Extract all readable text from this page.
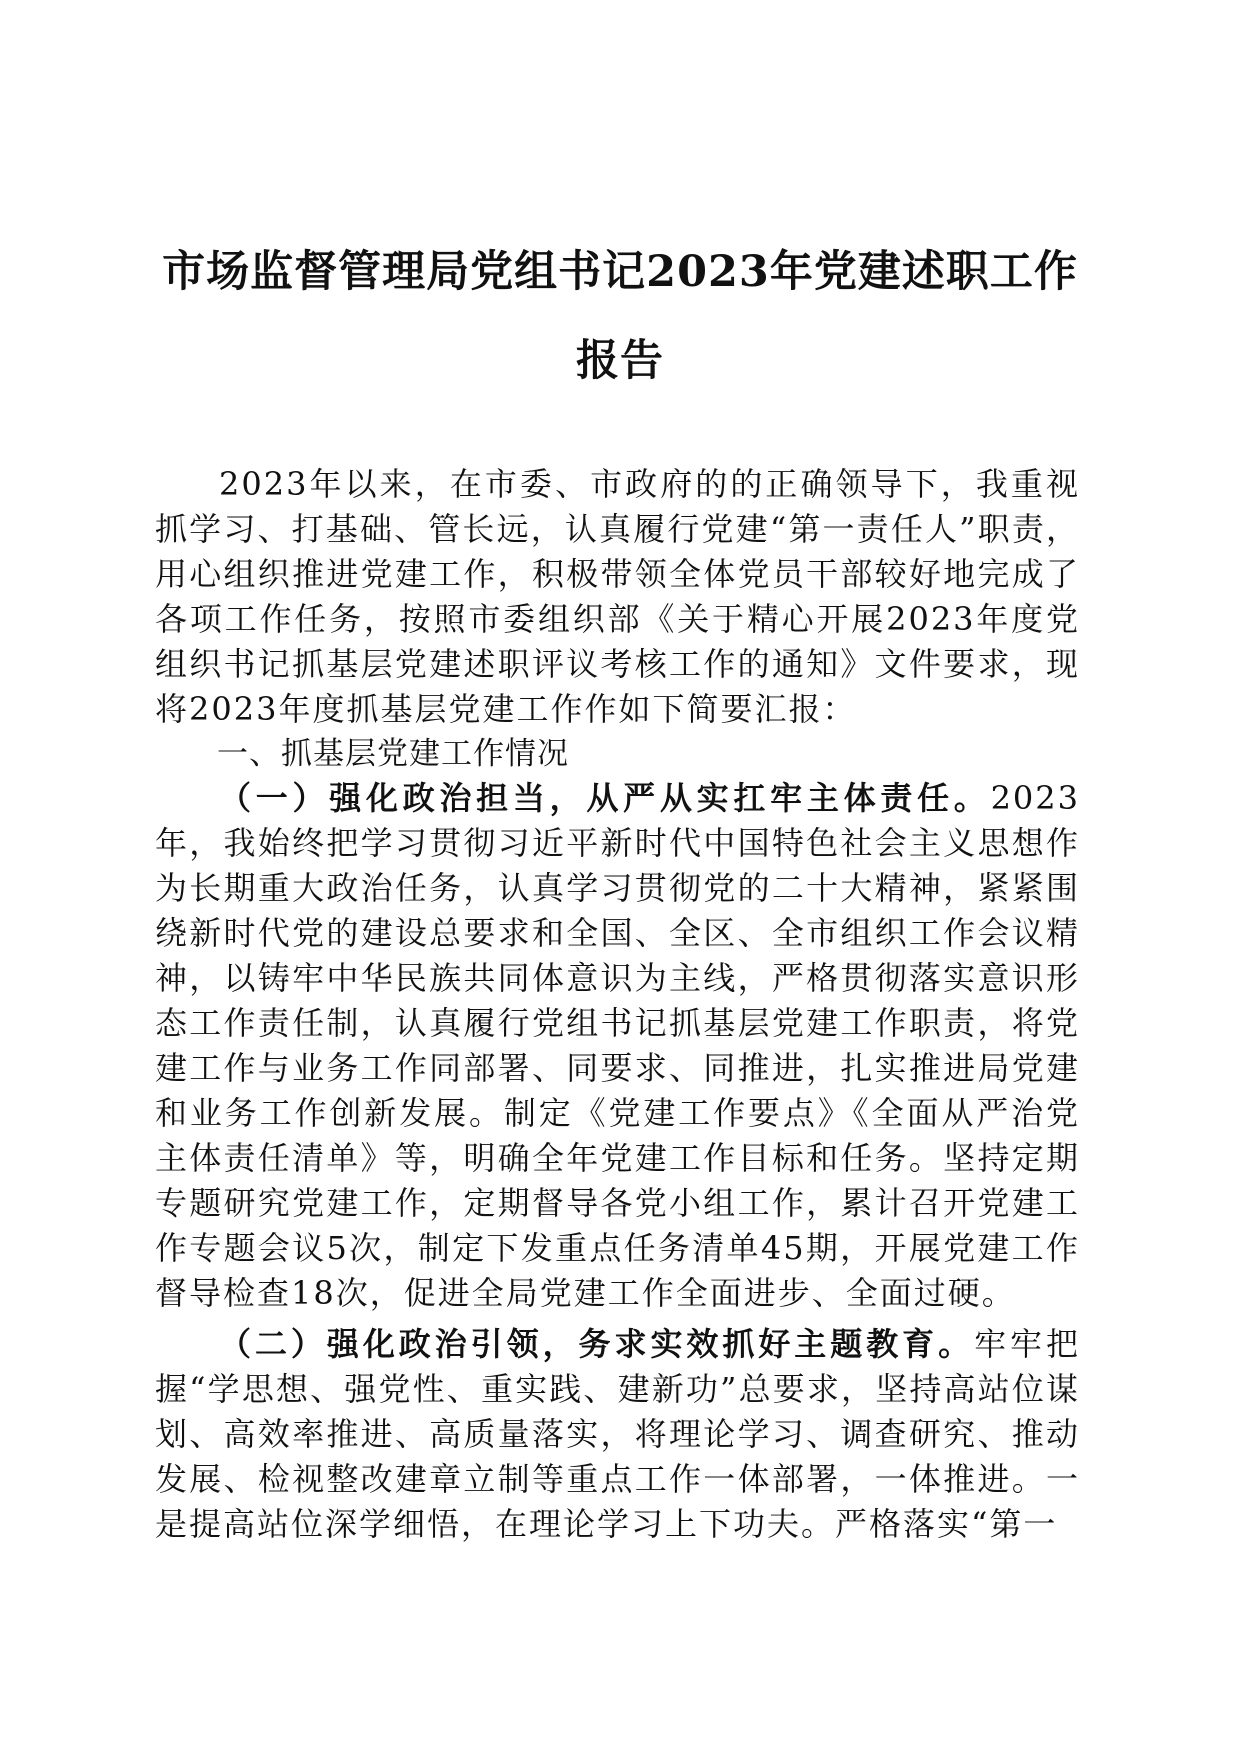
市场监督管理局党组书记2023年党建述职工作报告

2023年以来，在市委、市政府的的正确领导下，我重视抓学习、打基础、管长远，认真履行党建“第一责任人”职责，用心组织推进党建工作，积极带领全体党员干部较好地完成了各项工作任务，按照市委组织部《关于精心开展2023年度党组织书记抓基层党建述职评议考核工作的通知》文件要求，现将2023年度抓基层党建工作作如下简要汇报：

一、抓基层党建工作情况

（一）强化政治担当，从严从实扛牢主体责任。2023年，我始终把学习贯彻习近平新时代中国特色社会主义思想作为长期重大政治任务，认真学习贯彻党的二十大精神，紧紧围绕新时代党的建设总要求和全国、全区、全市组织工作会议精神，以铸牢中华民族共同体意识为主线，严格贯彻落实意识形态工作责任制，认真履行党组书记抓基层党建工作职责，将党建工作与业务工作同部署、同要求、同推进，扎实推进局党建和业务工作创新发展。制定《党建工作要点》《全面从严治党主体责任清单》等，明确全年党建工作目标和任务。坚持定期专题研究党建工作，定期督导各党小组工作，累计召开党建工作专题会议5次，制定下发重点任务清单45期，开展党建工作督导检查18次，促进全局党建工作全面进步、全面过硬。

（二）强化政治引领，务求实效抓好主题教育。牢牢把握“学思想、强党性、重实践、建新功”总要求，坚持高站位谋划、高效率推进、高质量落实，将理论学习、调查研究、推动发展、检视整改建章立制等重点工作一体部署，一体推进。一是提高站位深学细悟，在理论学习上下功夫。严格落实“第一
